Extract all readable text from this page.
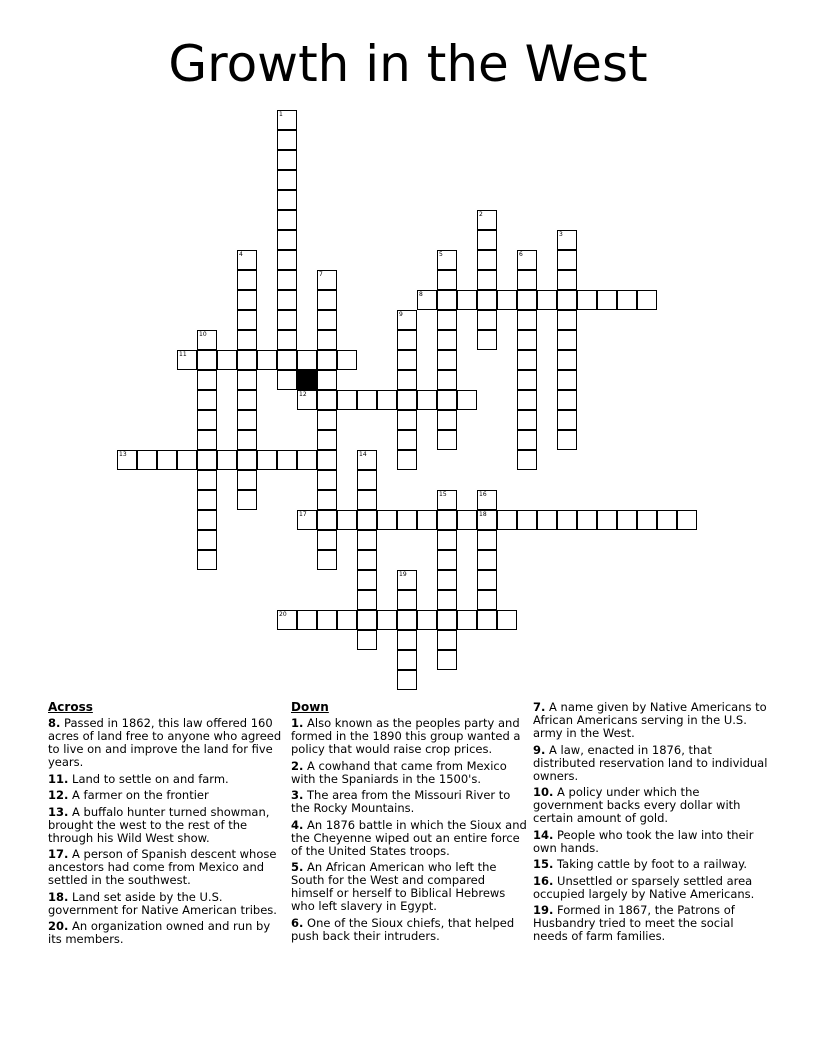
Growth in the West
1
2
3
4	5	6
7
8
9
10
11
12
13	14
15	16
18
17
19
20
Across
8. Passed in 1862, this law offered 160 acres of land free to anyone who agreed to live on and improve the land for five years.
11. Land to settle on and farm.
12. A farmer on the frontier
13. A buffalo hunter turned showman, brought the west to the rest of the through his Wild West show.
17. A person of Spanish descent whose ancestors had come from Mexico and settled in the southwest.
18. Land set aside by the U.S. government for Native American tribes.
20. An organization owned and run by its members.
Down
1. Also known as the peoples party and formed in the 1890 this group wanted a policy that would raise crop prices.
2. A cowhand that came from Mexico with the Spaniards in the 1500's.
3. The area from the Missouri River to the Rocky Mountains.
4. An 1876 battle in which the Sioux and the Cheyenne wiped out an entire force of the United States troops.
5. An African American who left the South for the West and compared himself or herself to Biblical Hebrews who left slavery in Egypt.
6. One of the Sioux chiefs, that helped push back their intruders.
7. A name given by Native Americans to African Americans serving in the U.S. army in the West.
9. A law, enacted in 1876, that distributed reservation land to individual owners.
10. A policy under which the government backs every dollar with certain amount of gold.
14. People who took the law into their own hands.
15. Taking cattle by foot to a railway.
16. Unsettled or sparsely settled area occupied largely by Native Americans.
19. Formed in 1867, the Patrons of Husbandry tried to meet the social needs of farm families.
